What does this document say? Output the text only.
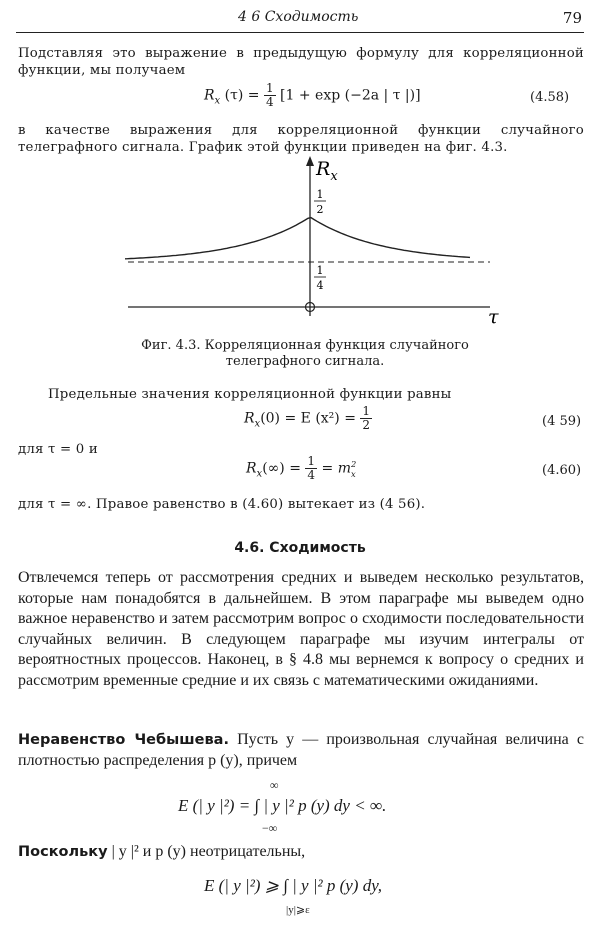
4 6 Сходимость	79
Подставляя это выражение в предыдущую формулу для корреляционной функции, мы получаем
$R_x$ $(\tau) = \frac{1}{4} [1 + \exp (-2a$ | τ |)]	(4.58)
в качестве выражения для корреляционной функции случайного телеграфного сигнала. График этой функции приведен на фиг. 4.3.
$R_x$
1
2
1
4
τ
Фиг. 4.3. Корреляционная функция случайного телеграфного сигнала.
Предельные значения корреляционной функции равны
$R_x(0) = E$ $(x^2) = \frac{1}{2}$	(4 59)
для τ = 0 и
$R_x(\infty) = \frac{1}{4} = m$ 2
x	(4.60)
для τ = ∞. Правое равенство в (4.60) вытекает из (4 56).
4.6. Сходимость
Отвлечемся теперь от рассмотрения средних и выведем несколько результатов, которые нам понадобятся в дальнейшем. В этом параграфе мы выведем одно важное неравенство и затем рассмотрим вопрос о сходимости последовательности случайных величин. В следующем параграфе мы изучим интегралы от вероятностных процессов. Наконец, в § 4.8 мы вернемся к вопросу о средних и рассмотрим временные средние и их связь с математическими ожиданиями.
Неравенство Чебышева. Пусть y — произвольная случайная величина с плотностью распределения p (y), причем
∞
E (| y |²) = ∫ | y |² p (y) dy < ∞.
−∞
Поскольку | y |² и p (y) неотрицательны,
E (| y |²) ⩾ ∫ | y |² p (y) dy,
|y|⩾ε
